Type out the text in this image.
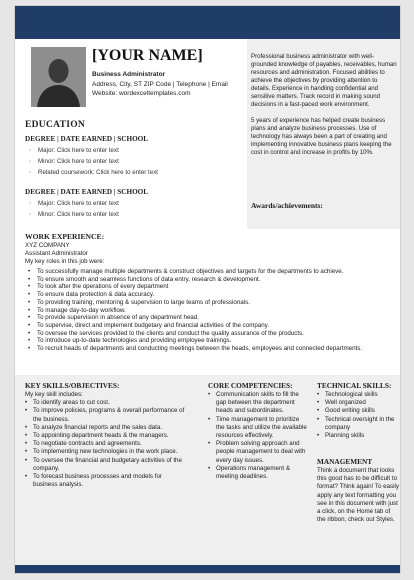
[YOUR NAME]
Business Administrator
Address, City, ST ZIP Code | Telephone | Email
Website: wordexceltemplates.com
Professional business administrator with well-grounded knowledge of payables, receivables, human resources and administration. Focused abilities to achieve the objectives by providing attention to details. Experience in handling confidential and sensitive matters. Track record in making sound decisions in a fast-paced work environment.
5 years of experience has helped create business plans and analyze business processes. Use of technology has always been a part of creating and implementing innovative business plans keeping the cost in control and increase in profits by 10%.
Awards/achievements:
EDUCATION
DEGREE | DATE EARNED | SCHOOL
◦ Major: Click here to enter text
◦ Minor: Click here to enter text
◦ Related coursework: Click here to enter text
DEGREE | DATE EARNED | SCHOOL
◦ Major: Click here to enter text
◦ Minor: Click here to enter text
WORK EXPERIENCE:
XYZ COMPANY
Assistant Administrator
My key roles in this job were:
• To successfully manage multiple departments & construct objectives and targets for the departments to achieve.
• To ensure smooth and seamless functions of data entry, research & development.
• To look after the operations of every department
• To ensure data protection & data accuracy.
• To providing training, mentoring & supervision to large teams of professionals.
• To manage day-to-day workflow.
• To provide supervision in absence of any department head.
• To supervise, direct and implement budgetary and financial activities of the company.
• To oversee the services provided to the clients and conduct the quality assurance of the products.
• To introduce up-to-date technologies and providing employee trainings.
• To recruit heads of departments and conducting meetings between the heads, employees and connected departments.
KEY SKILLS/OBJECTIVES:
My key skill includes:
• To identify areas to cut cost.
• To improve policies, programs & overall performance of the business.
• To analyze financial reports and the sales data.
• To appointing department heads & the managers.
• To negotiate contracts and agreements.
• To implementing new technologies in the work place.
• To oversee the financial and budgetary activities of the company.
• To forecast business processes and models for business analysis.
CORE COMPETENCIES:
• Communication skills to fill the gap between the department heads and subordinates.
• Time management to prioritize the tasks and utilize the available resources effectively.
• Problem solving approach and people management to deal with every day issues.
• Operations management & meeting deadlines.
TECHNICAL SKILLS:
• Technological skills
• Well organized
• Good writing skills
• Technical oversight in the company
• Planning skills
MANAGEMENT
Think a document that looks this good has to be difficult to format? Think again! To easily apply any text formatting you see in this document with just a click, on the Home tab of the ribbon, check out Styles.
